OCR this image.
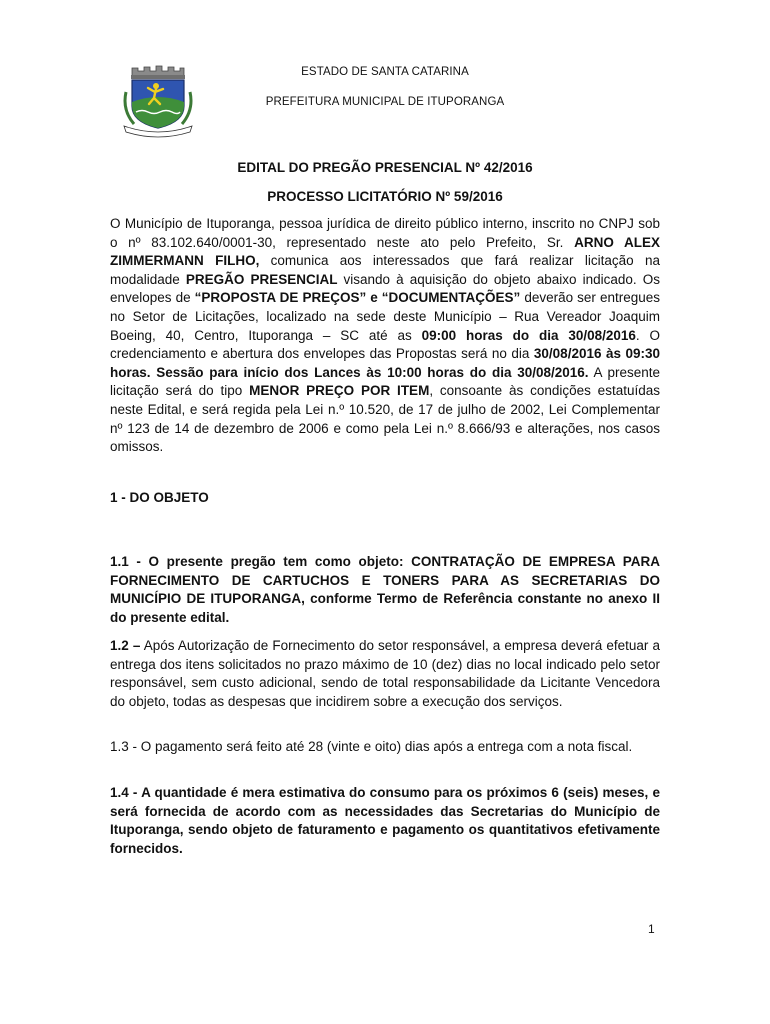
ESTADO DE SANTA CATARINA
PREFEITURA MUNICIPAL DE ITUPORANGA
EDITAL DO PREGÃO PRESENCIAL Nº 42/2016
PROCESSO LICITATÓRIO Nº 59/2016

O Município de Ituporanga, pessoa jurídica de direito público interno, inscrito no CNPJ sob o nº 83.102.640/0001-30, representado neste ato pelo Prefeito, Sr. ARNO ALEX ZIMMERMANN FILHO, comunica aos interessados que fará realizar licitação na modalidade PREGÃO PRESENCIAL visando à aquisição do objeto abaixo indicado. Os envelopes de “PROPOSTA DE PREÇOS” e “DOCUMENTAÇÕES” deverão ser entregues no Setor de Licitações, localizado na sede deste Município – Rua Vereador Joaquim Boeing, 40, Centro, Ituporanga – SC até as 09:00 horas do dia 30/08/2016. O credenciamento e abertura dos envelopes das Propostas será no dia 30/08/2016 às 09:30 horas. Sessão para início dos Lances às 10:00 horas do dia 30/08/2016. A presente licitação será do tipo MENOR PREÇO POR ITEM, consoante às condições estatuídas neste Edital, e será regida pela Lei n.º 10.520, de 17 de julho de 2002, Lei Complementar nº 123 de 14 de dezembro de 2006 e como pela Lei n.º 8.666/93 e alterações, nos casos omissos.

1 - DO OBJETO

1.1 - O presente pregão tem como objeto: CONTRATAÇÃO DE EMPRESA PARA FORNECIMENTO DE CARTUCHOS E TONERS PARA AS SECRETARIAS DO MUNICÍPIO DE ITUPORANGA, conforme Termo de Referência constante no anexo II do presente edital.

1.2 – Após Autorização de Fornecimento do setor responsável, a empresa deverá efetuar a entrega dos itens solicitados no prazo máximo de 10 (dez) dias no local indicado pelo setor responsável, sem custo adicional, sendo de total responsabilidade da Licitante Vencedora do objeto, todas as despesas que incidirem sobre a execução dos serviços.

1.3 - O pagamento será feito até 28 (vinte e oito) dias após a entrega com a nota fiscal.

1.4 - A quantidade é mera estimativa do consumo para os próximos 6 (seis) meses, e será fornecida de acordo com as necessidades das Secretarias do Município de Ituporanga, sendo objeto de faturamento e pagamento os quantitativos efetivamente fornecidos.

1
